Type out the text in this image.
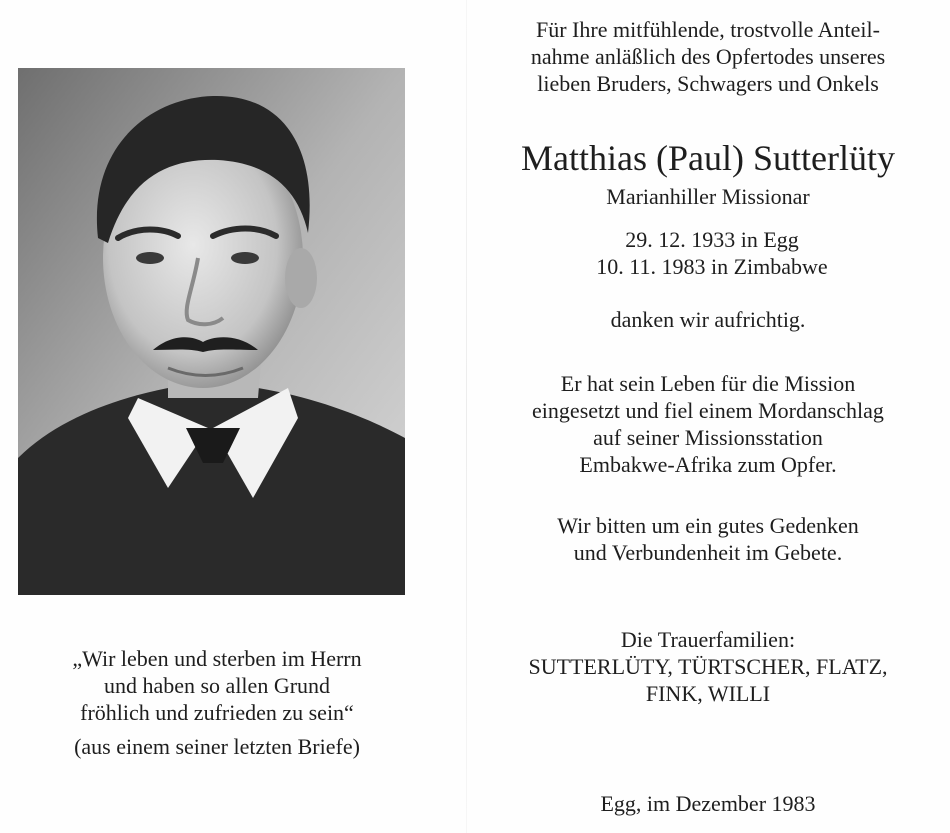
„Wir leben und sterben im Herrn
und haben so allen Grund
fröhlich und zufrieden zu sein“

(aus einem seiner letzten Briefe)

Für Ihre mitfühlende, trostvolle Anteil-
nahme anläßlich des Opfertodes unseres
lieben Bruders, Schwagers und Onkels

Matthias (Paul) Sutterlüty

Marianhiller Missionar

29. 12. 1933 in Egg
10. 11. 1983 in Zimbabwe

danken wir aufrichtig.

Er hat sein Leben für die Mission
eingesetzt und fiel einem Mordanschlag
auf seiner Missionsstation
Embakwe-Afrika zum Opfer.

Wir bitten um ein gutes Gedenken
und Verbundenheit im Gebete.

Die Trauerfamilien:
SUTTERLÜTY, TÜRTSCHER, FLATZ,
FINK, WILLI

Egg, im Dezember 1983
